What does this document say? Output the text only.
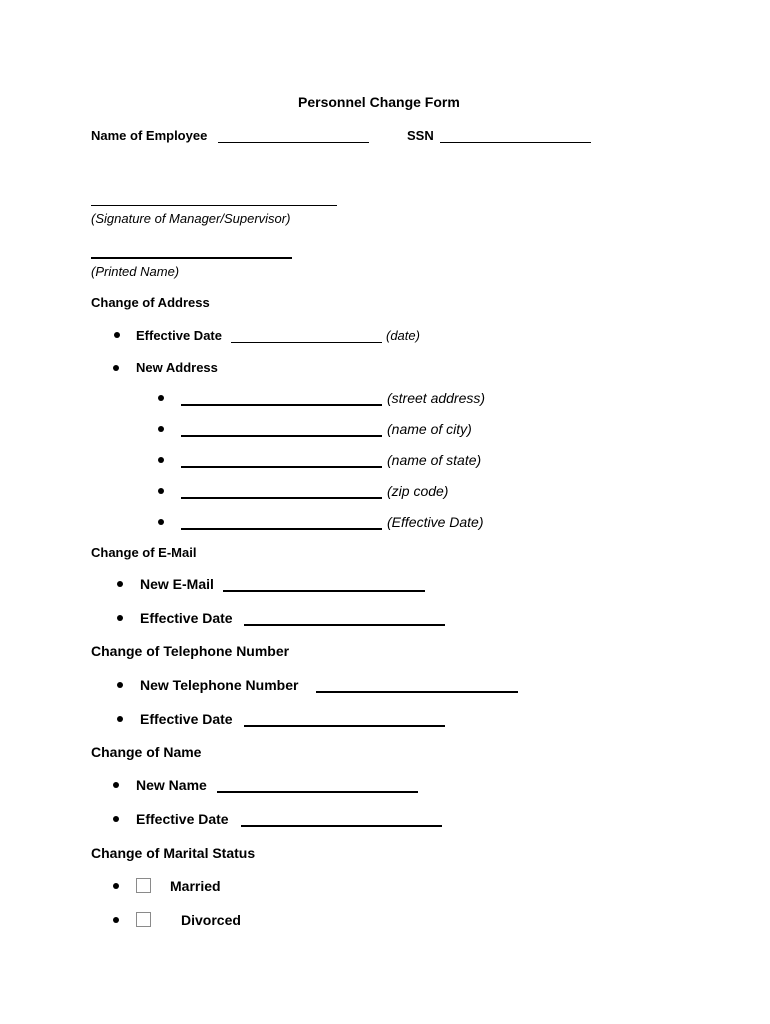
Personnel Change Form
Name of Employee	SSN
(Signature of Manager/Supervisor)
(Printed Name)
Change of Address
Effective Date	(date)
New Address
(street address)
(name of city)
(name of state)
(zip code)
(Effective Date)
Change of E-Mail
New E-Mail
Effective Date
Change of Telephone Number
New Telephone Number
Effective Date
Change of Name
New Name
Effective Date
Change of Marital Status
Married
Divorced
